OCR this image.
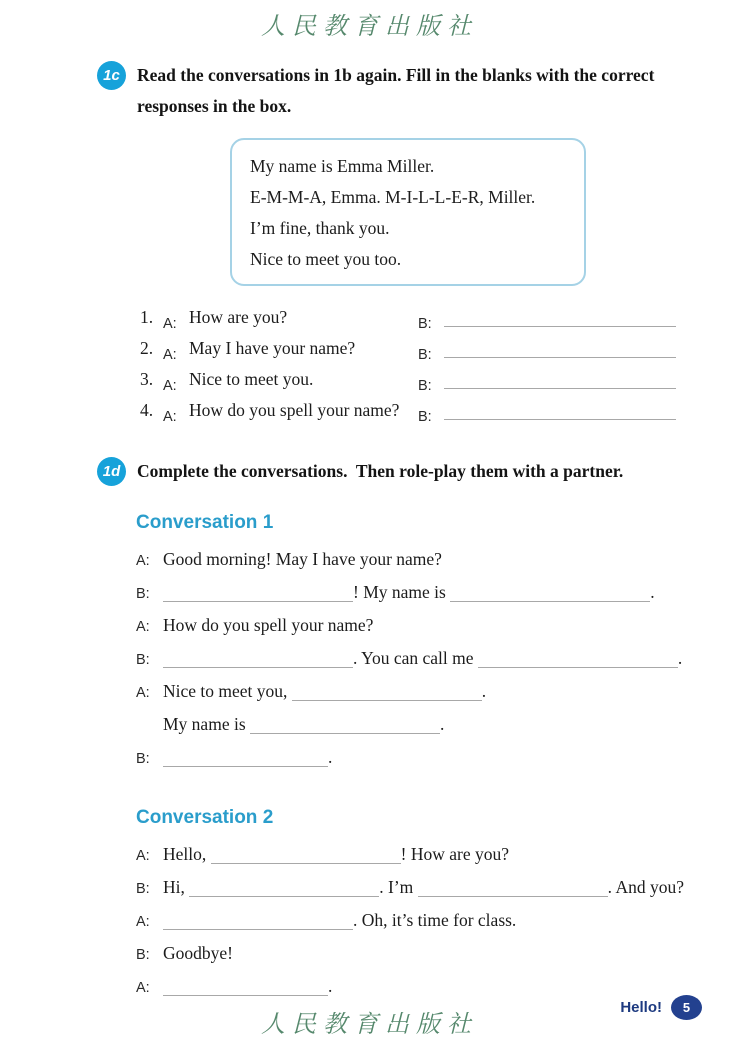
人民教育出版社
1c Read the conversations in 1b again. Fill in the blanks with the correct responses in the box.

My name is Emma Miller.

E-M-M-A, Emma. M-I-L-L-E-R, Miller.

I’m fine, thank you.

Nice to meet you too.

1. A: How are you?	B:
2. A: May I have your name?	B:
3. A: Nice to meet you.	B:
4. A: How do you spell your name? B:
1d Complete the conversations.  Then role-play them with a partner.
Conversation 1
A: Good morning! May I have your name?
B:	! My name is	.
A: How do you spell your name?
B:	. You can call me	.
A: Nice to meet you,	.
My name is	.
B:	.
Conversation 2
A: Hello,	! How are you?
B: Hi,	. I’m	. And you?
A:	. Oh, it’s time for class.
B: Goodbye!
A:	.
Hello!	5
人民教育出版社
